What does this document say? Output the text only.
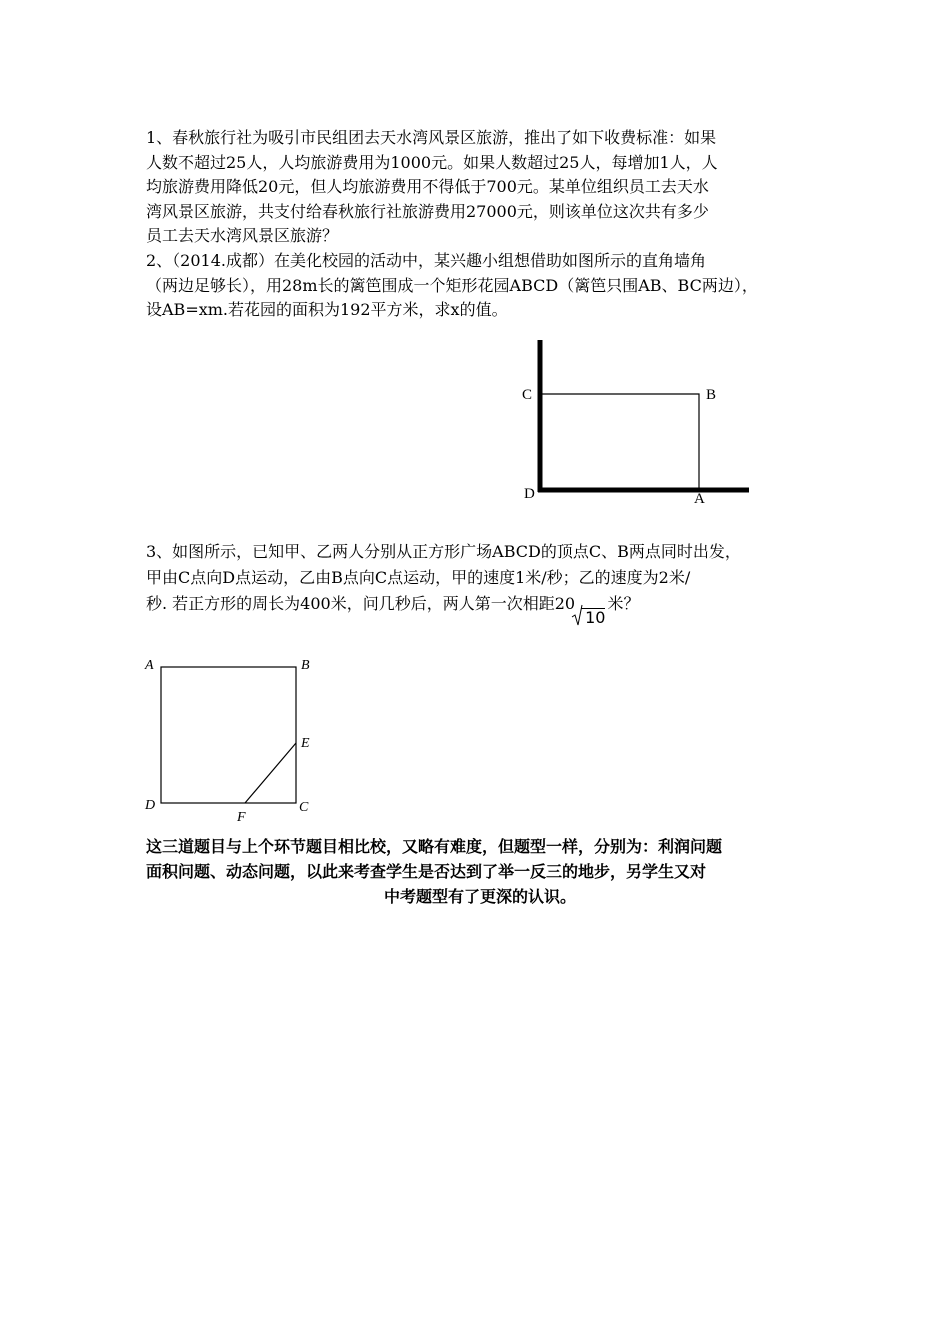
1、春秋旅行社为吸引市民组团去天水湾风景区旅游，推出了如下收费标准：如果
人数不超过25人，人均旅游费用为1000元。如果人数超过25人，每增加1人，人
均旅游费用降低20元，但人均旅游费用不得低于700元。某单位组织员工去天水
湾风景区旅游，共支付给春秋旅行社旅游费用27000元，则该单位这次共有多少
员工去天水湾风景区旅游？
2、（2014.成都）在美化校园的活动中，某兴趣小组想借助如图所示的直角墙角
（两边足够长），用28m长的篱笆围成一个矩形花园ABCD（篱笆只围AB、BC两边），
设AB=xm.若花园的面积为192平方米，求x的值。
C	B
D	A
3、如图所示，已知甲、乙两人分别从正方形广场ABCD的顶点C、B两点同时出发，
甲由C点向D点运动，乙由B点向C点运动，甲的速度1米/秒；乙的速度为2米/
秒. 若正方形的周长为400米，问几秒后，两人第一次相距20
10米？
A	B
E
D
F
C
这三道题目与上个环节题目相比校，又略有难度，但题型一样，分别为：利润问题
面积问题、动态问题，以此来考查学生是否达到了举一反三的地步，另学生又对
中考题型有了更深的认识。
